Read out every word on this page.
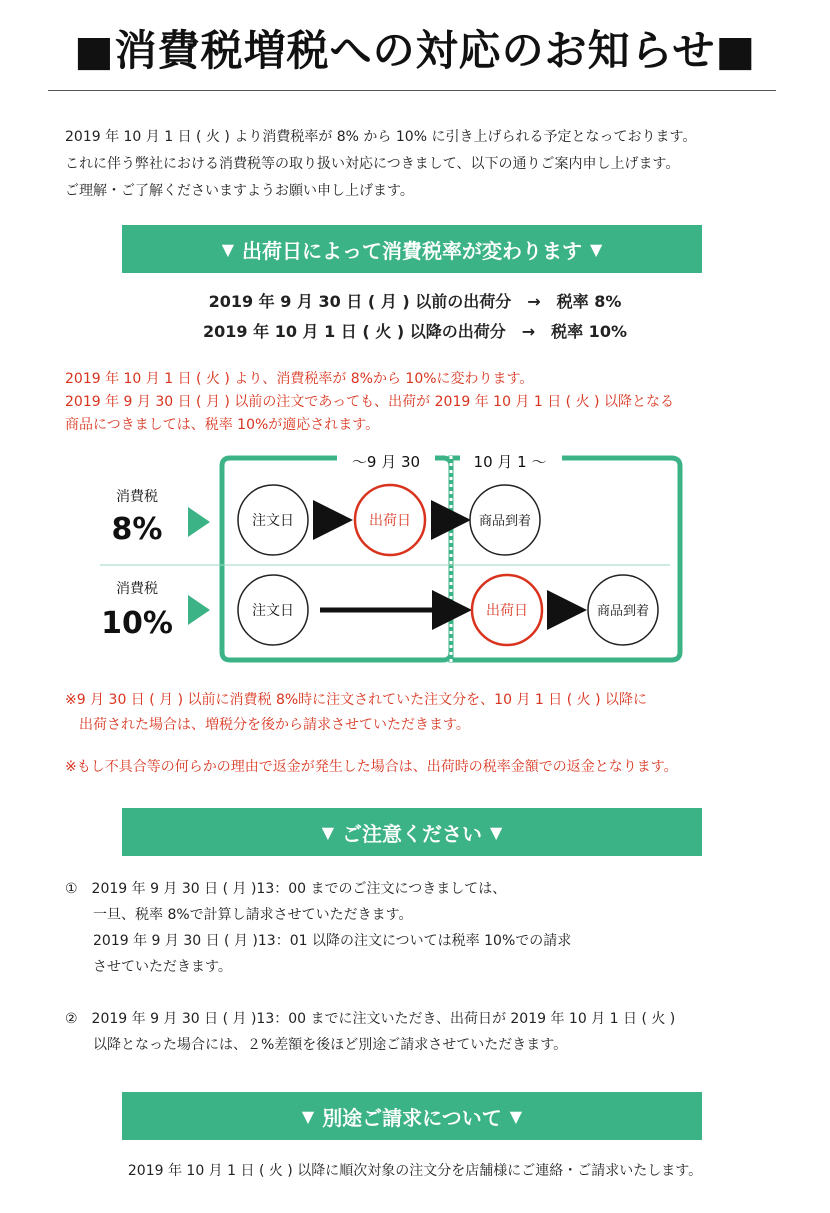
■消費税増税への対応のお知らせ■
2019 年 10 月 1 日 ( 火 ) より消費税率が 8% から 10% に引き上げられる予定となっております。
これに伴う弊社における消費税等の取り扱い対応につきまして、以下の通りご案内申し上げます。
ご理解・ご了解くださいますようお願い申し上げます。
▼ 出荷日によって消費税率が変わります ▼
2019 年 9 月 30 日 ( 月 ) 以前の出荷分　→　税率 8%
2019 年 10 月 1 日 ( 火 ) 以降の出荷分　→　税率 10%
2019 年 10 月 1 日 ( 火 ) より、消費税率が 8%から 10%に変わります。
2019 年 9 月 30 日 ( 月 ) 以前の注文であっても、出荷が 2019 年 10 月 1 日 ( 火 ) 以降となる
商品につきましては、税率 10%が適応されます。
～9 月 30	10 月 1 ～
消費税
8%
消費税
10%
注文日	出荷日	商品到着
注文日	出荷日	商品到着
※9 月 30 日 ( 月 ) 以前に消費税 8%時に注文されていた注文分を、10 月 1 日 ( 火 ) 以降に
　出荷された場合は、増税分を後から請求させていただきます。
※もし不具合等の何らかの理由で返金が発生した場合は、出荷時の税率金額での返金となります。
▼ ご注意ください ▼
①　2019 年 9 月 30 日 ( 月 )13：00 までのご注文につきましては、
　　一旦、税率 8%で計算し請求させていただきます。
　　2019 年 9 月 30 日 ( 月 )13：01 以降の注文については税率 10%での請求
　　させていただきます。
②　2019 年 9 月 30 日 ( 月 )13：00 までに注文いただき、出荷日が 2019 年 10 月 1 日 ( 火 )
　　以降となった場合には、２%差額を後ほど別途ご請求させていただきます。
▼ 別途ご請求について ▼
2019 年 10 月 1 日 ( 火 ) 以降に順次対象の注文分を店舗様にご連絡・ご請求いたします。
